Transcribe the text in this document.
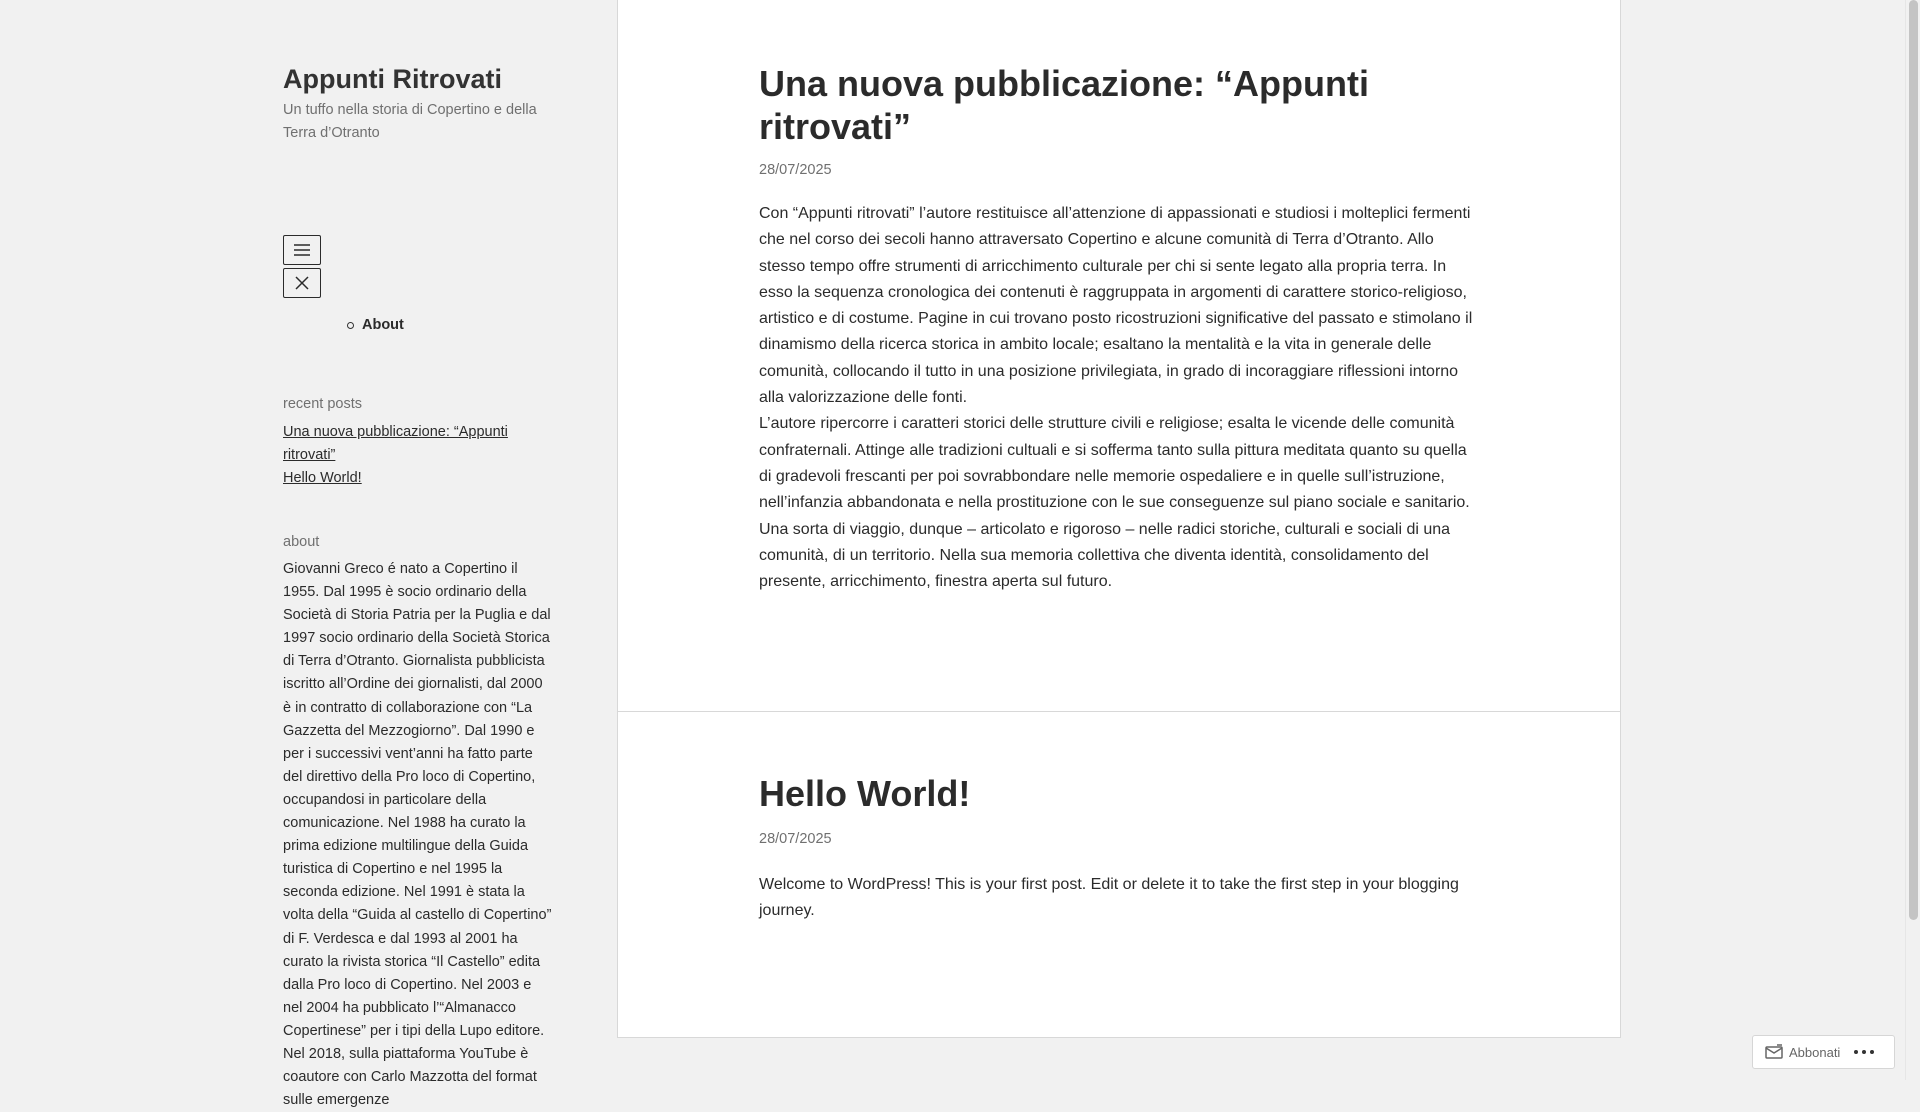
Appunti Ritrovati
Un tuffo nella storia di Copertino e della Terra d’Otranto
About
recent posts
Una nuova pubblicazione: “Appunti ritrovati”
Hello World!
about

Giovanni Greco é nato a Copertino il 1955. Dal 1995 è socio ordinario della Società di Storia Patria per la Puglia e dal 1997 socio ordinario della Società Storica di Terra d’Otranto. Giornalista pubblicista iscritto all’Ordine dei giornalisti, dal 2000 è in contratto di collaborazione con “La Gazzetta del Mezzogiorno”. Dal 1990 e per i successivi vent’anni ha fatto parte del direttivo della Pro loco di Copertino, occupandosi in particolare della comunicazione. Nel 1988 ha curato la prima edizione multilingue della Guida turistica di Copertino e nel 1995 la seconda edizione. Nel 1991 è stata la volta della “Guida al castello di Copertino” di F. Verdesca e dal 1993 al 2001 ha curato la rivista storica “Il Castello” edita dalla Pro loco di Copertino. Nel 2003 e nel 2004 ha pubblicato l’“Almanacco Copertinese” per i tipi della Lupo editore. Nel 2018, sulla piattaforma YouTube è coautore con Carlo Mazzotta del format sulle emergenze

Una nuova pubblicazione: “Appunti ritrovati”
28/07/2025

Con “Appunti ritrovati” l’autore restituisce all’attenzione di appassionati e studiosi i molteplici fermenti che nel corso dei secoli hanno attraversato Copertino e alcune comunità di Terra d’Otranto. Allo stesso tempo offre strumenti di arricchimento culturale per chi si sente legato alla propria terra. In esso la sequenza cronologica dei contenuti è raggruppata in argomenti di carattere storico-religioso, artistico e di costume. Pagine in cui trovano posto ricostruzioni significative del passato e stimolano il dinamismo della ricerca storica in ambito locale; esaltano la mentalità e la vita in generale delle comunità, collocando il tutto in una posizione privilegiata, in grado di incoraggiare riflessioni intorno alla valorizzazione delle fonti.

L’autore ripercorre i caratteri storici delle strutture civili e religiose; esalta le vicende delle comunità confraternali. Attinge alle tradizioni cultuali e si sofferma tanto sulla pittura meditata quanto su quella di gradevoli frescanti per poi sovrabbondare nelle memorie ospedaliere e in quelle sull’istruzione, nell’infanzia abbandonata e nella prostituzione con le sue conseguenze sul piano sociale e sanitario. Una sorta di viaggio, dunque – articolato e rigoroso – nelle radici storiche, culturali e sociali di una comunità, di un territorio. Nella sua memoria collettiva che diventa identità, consolidamento del presente, arricchimento, finestra aperta sul futuro.

Hello World!
28/07/2025

Welcome to WordPress! This is your first post. Edit or delete it to take the first step in your blogging journey.

Abbonati
